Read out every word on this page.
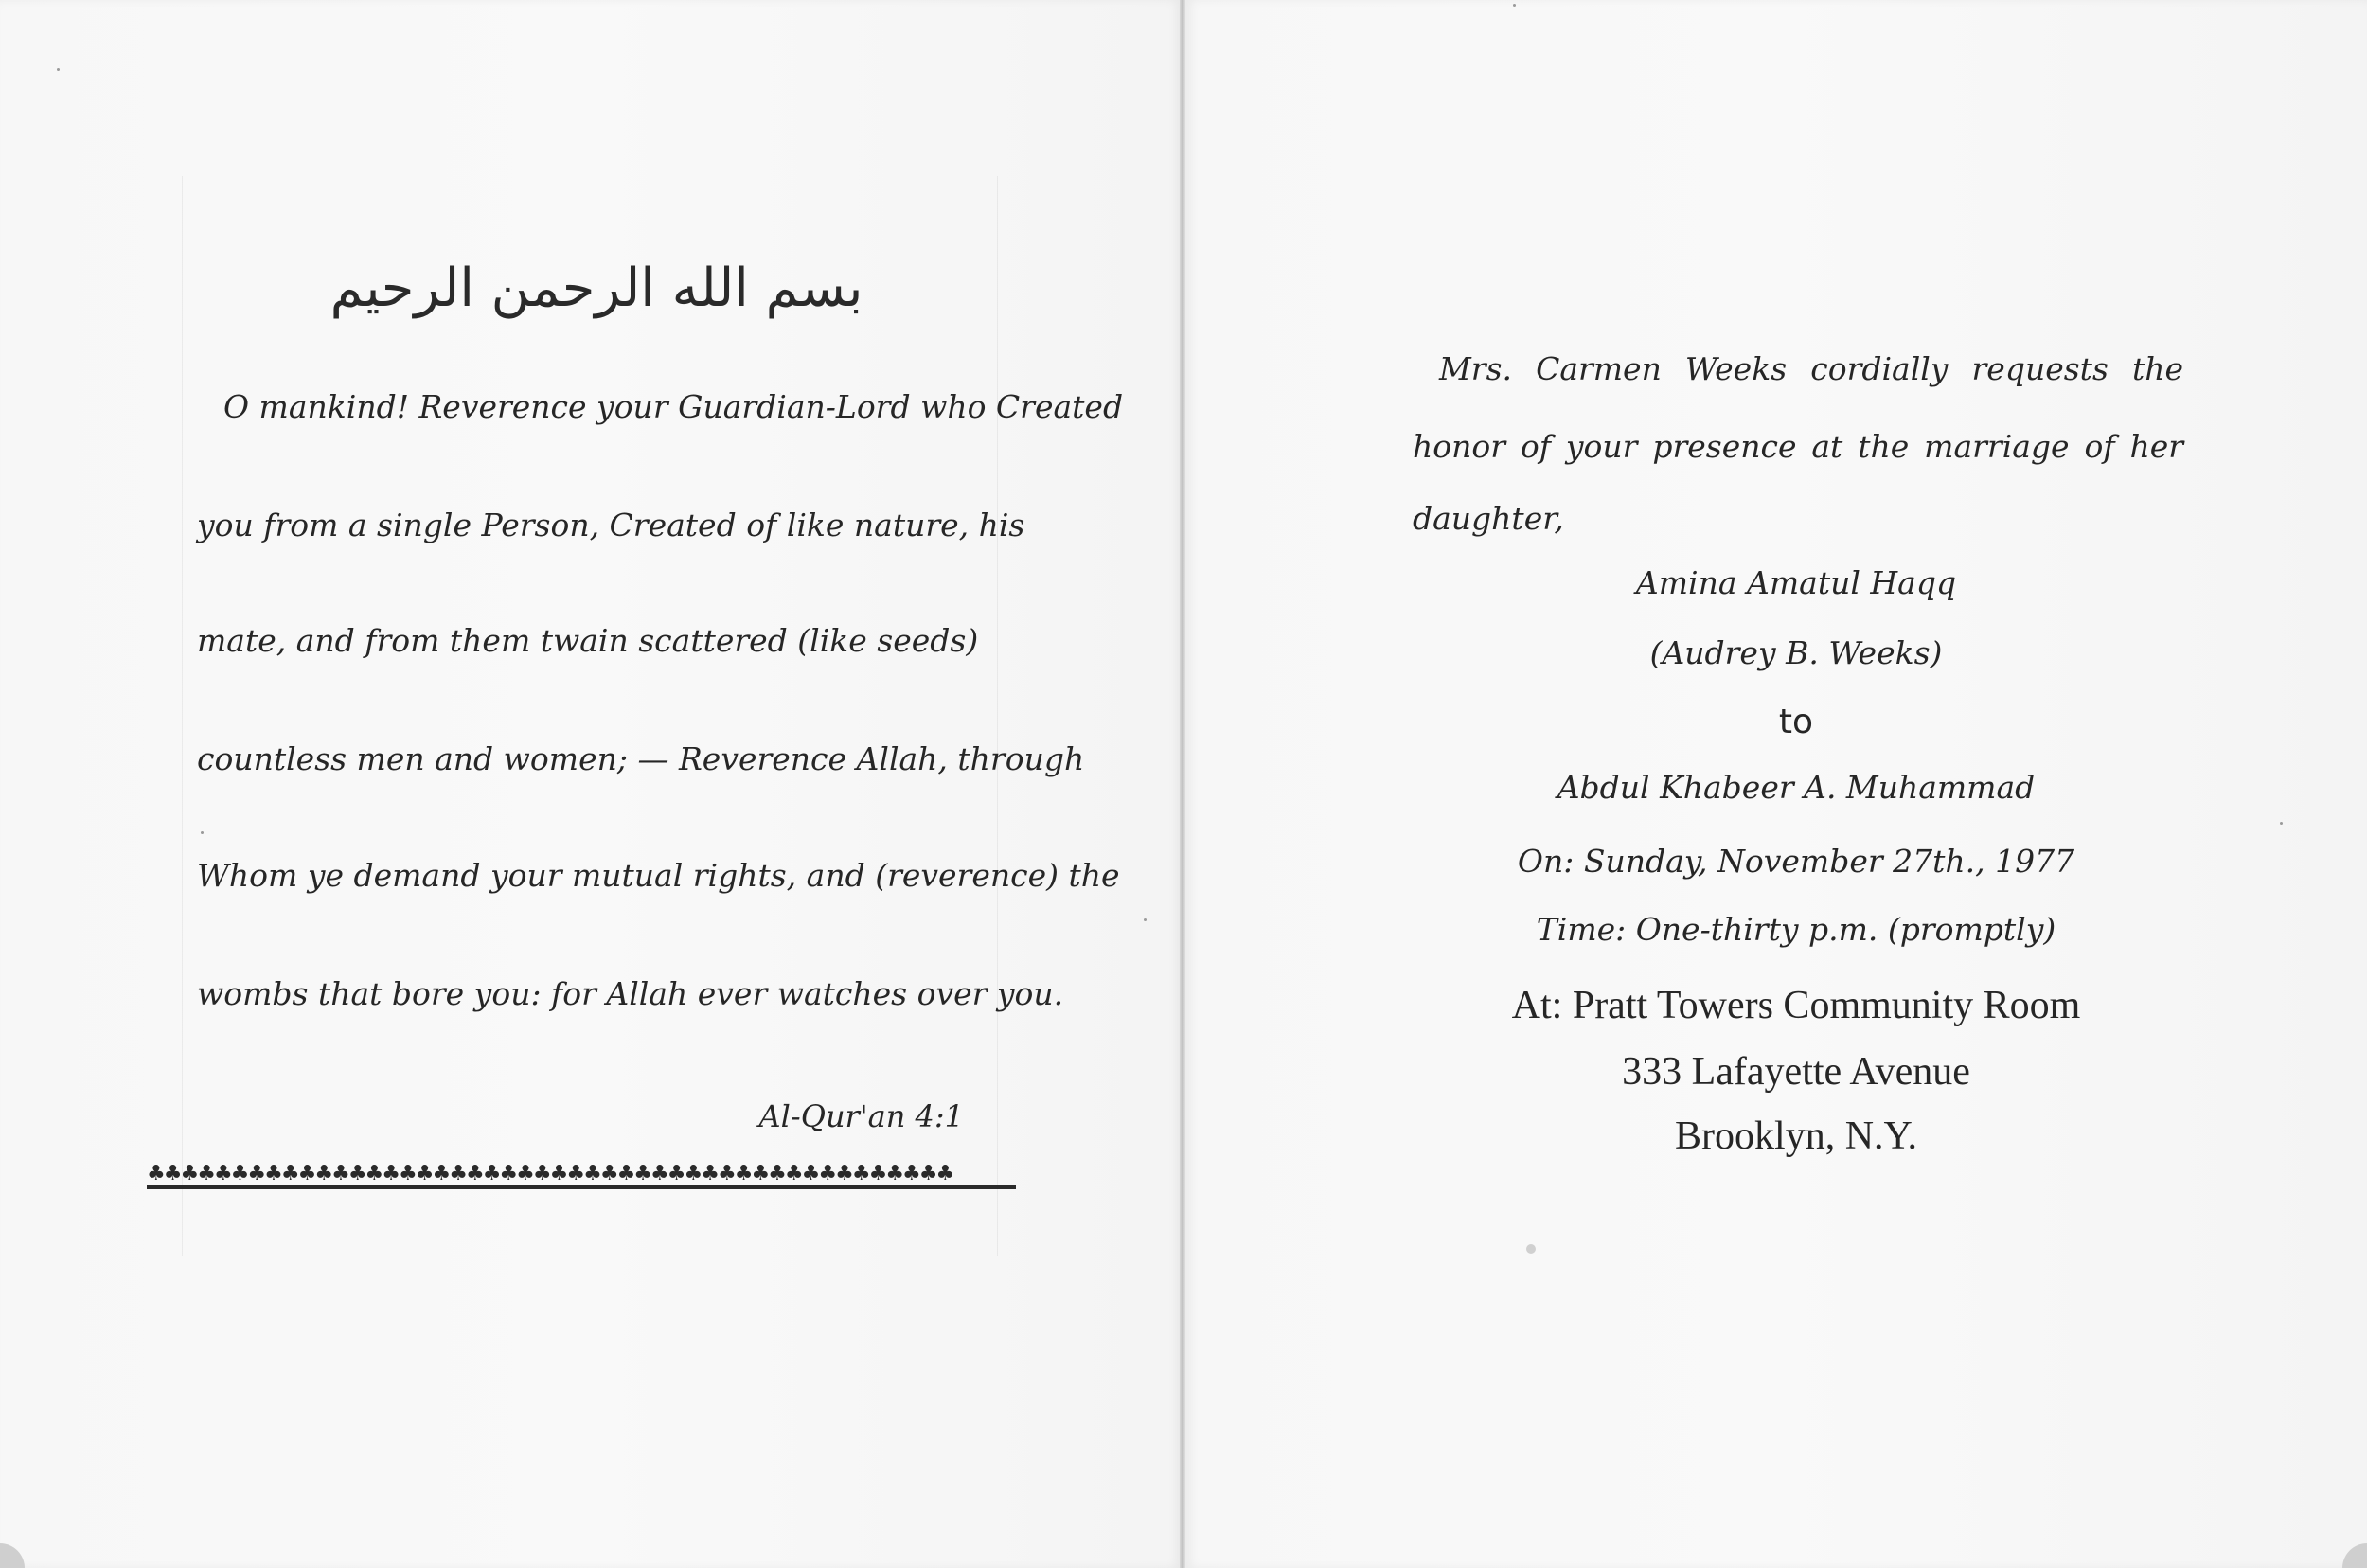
بسم الله الرحمن الرحيم
O mankind! Reverence your Guardian-Lord who Created
you from a single Person, Created of like nature, his
mate, and from them twain scattered (like seeds)
countless men and women; — Reverence Allah, through
Whom ye demand your mutual rights, and (reverence) the
wombs that bore you: for Allah ever watches over you.
Al-Qur'an 4:1
♣♣♣♣♣♣♣♣♣♣♣♣♣♣♣♣♣♣♣♣♣♣♣♣♣♣♣♣♣♣♣♣♣♣♣♣♣♣♣♣♣♣♣♣♣♣♣♣
Mrs. Carmen Weeks cordially requests the
honor of your presence at the marriage of her
daughter,
Amina Amatul Haqq
(Audrey B. Weeks)
to
Abdul Khabeer A. Muhammad
On: Sunday, November 27th., 1977
Time: One-thirty p.m. (promptly)
At: Pratt Towers Community Room
333 Lafayette Avenue
Brooklyn, N.Y.
